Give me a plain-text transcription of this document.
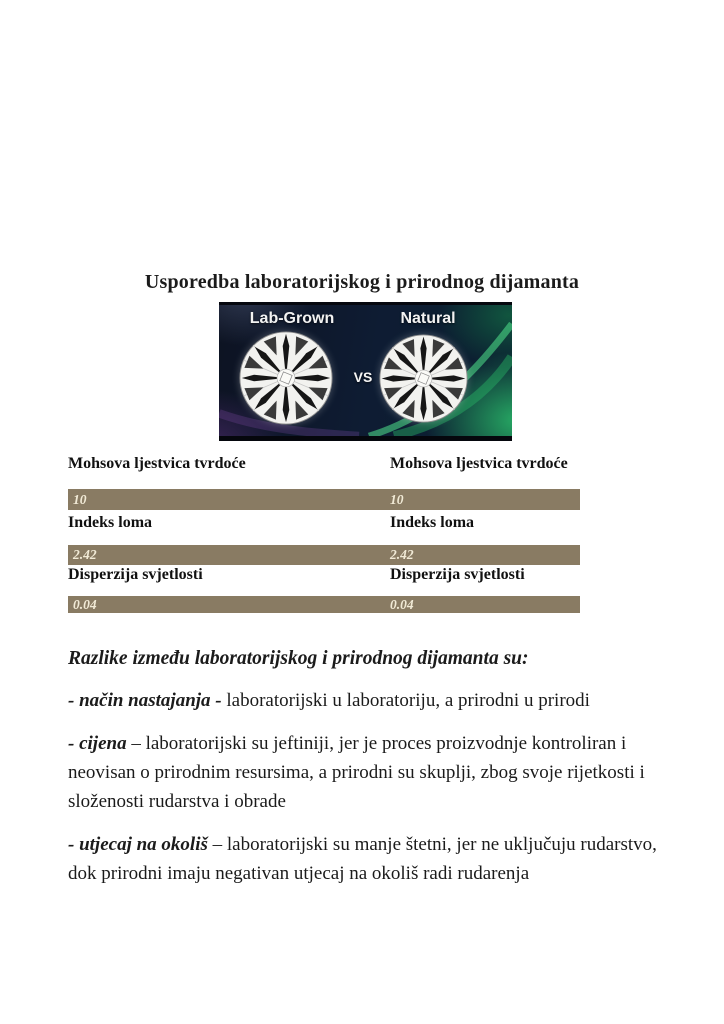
Usporedba laboratorijskog i prirodnog dijamanta
Lab-Grown	Natural
VS
Mohsova ljestvica tvrdoće	Mohsova ljestvica tvrdoće
10	10
Indeks loma	Indeks loma
2.42	2.42
Disperzija svjetlosti	Disperzija svjetlosti
0.04	0.04
Razlike između laboratorijskog i prirodnog dijamanta su:

- način nastajanja - laboratorijski u laboratoriju, a prirodni u prirodi

- cijena – laboratorijski su jeftiniji, jer je proces proizvodnje kontroliran i neovisan o prirodnim resursima, a prirodni su skuplji, zbog svoje rijetkosti i složenosti rudarstva i obrade

- utjecaj na okoliš – laboratorijski su manje štetni, jer ne uključuju rudarstvo, dok prirodni imaju negativan utjecaj na okoliš radi rudarenja
